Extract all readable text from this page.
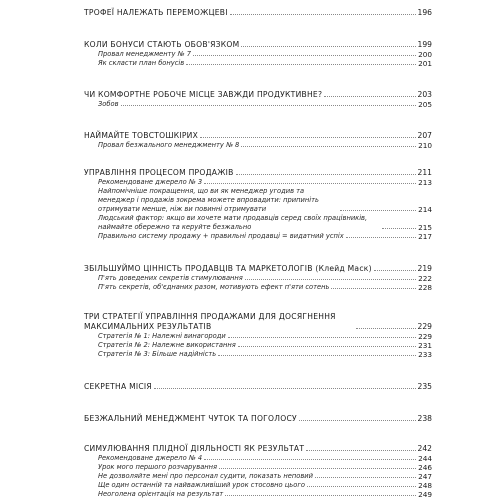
ТРОФЕЇ НАЛЕЖАТЬ ПЕРЕМОЖЦЕВІ	196
КОЛИ БОНУСИ СТАЮТЬ ОБОВ'ЯЗКОМ	199
Провал менеджменту № 7	200
Як скласти план бонусів	201
ЧИ КОМФОРТНЕ РОБОЧЕ МІСЦЕ ЗАВЖДИ ПРОДУКТИВНЕ?	203
Зобов	205
НАЙМАЙТЕ ТОВСТОШКІРИХ	207
Провал безжального менеджменту № 8	210
УПРАВЛІННЯ ПРОЦЕСОМ ПРОДАЖІВ	211
Рекомендоване джерело № 3	213
Найпомічніше покращення, що ви як менеджер угодив та менеджер і продажів зокрема можете впровадити: припиніть отримувати менше, ніж ви повинні отримувати	214
Людський фактор: якщо ви хочете мати продавців серед своїх працівників, наймайте обережно та керуйте безжально	215
Правильно систему продажу + правильні продавці = видатний успіх	217
ЗБІЛЬШУЙМО ЦІННІСТЬ ПРОДАВЦІВ ТА МАРКЕТОЛОГІВ (Клейд Маск)	219
П'ять доведених секретів стимулювання	222
П'ять секретів, об'єднаних разом, мотивують ефект п'яти сотень	228
ТРИ СТРАТЕГІЇ УПРАВЛІННЯ ПРОДАЖАМИ ДЛЯ ДОСЯГНЕННЯ МАКСИМАЛЬНИХ РЕЗУЛЬТАТІВ	229
Стратегія № 1: Належні винагороди	229
Стратегія № 2: Належне використання	231
Стратегія № 3: Більше надійність	233
СЕКРЕТНА МІСІЯ	235
БЕЗЖАЛЬНИЙ МЕНЕДЖМЕНТ ЧУТОК ТА ПОГОЛОСУ	238
СИМУЛЮВАННЯ ПЛІДНОЇ ДІЯЛЬНОСТІ ЯК РЕЗУЛЬТАТ	242
Рекомендоване джерело № 4	244
Урок мого першого розчарування	246
Не дозволяйте мені про персонал судити, показать неповий	247
Ще один останній та найважливіший урок стосовно цього	248
Неоголена орієнтація на результат	249
